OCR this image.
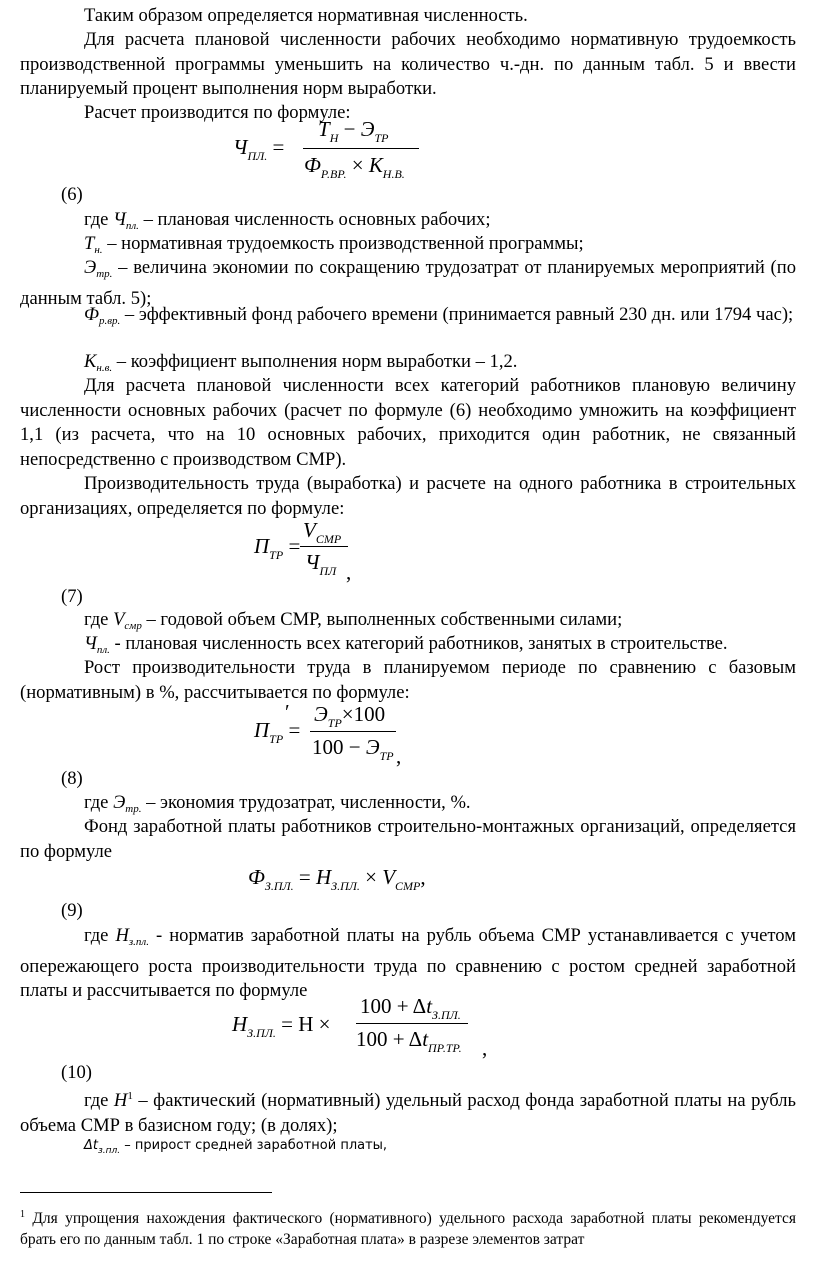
Таким образом определяется нормативная численность.

Для расчета плановой численности рабочих необходимо нормативную трудоемкость производственной программы уменьшить на количество ч.-дн. по данным табл. 5 и ввести планируемый процент выполнения норм выработки.

Расчет производится по формуле:
$Ч_{ПЛ.}$ =
$Т_Н - Э_{ТР}$
$Ф_{Р.ВР.} \times К_{Н.В.}$
(6)
где $Ч_{пл.}$ – плановая численность основных рабочих;
$Т_{н.}$ – нормативная трудоемкость производственной программы;

$Э_{тр.}$ – величина экономии по сокращению трудозатрат от планируемых мероприятий (по данным табл. 5);

$Ф_{р.вр.}$ – эффективный фонд рабочего времени (принимается равный 230 дн. или 1794 час);

$К_{н.в.}$ – коэффициент выполнения норм выработки – 1,2.

Для расчета плановой численности всех категорий работников плановую величину численности основных рабочих (расчет по формуле (6) необходимо умножить на коэффициент 1,1 (из расчета, что на 10 основных рабочих, приходится один работник, не связанный непосредственно с производством СМР).

Производительность труда (выработка) и расчете на одного работника в строительных организациях, определяется по формуле:

$П_{ТР}$ =
$V_{СМР}$
$Ч_{ПЛ}$ ,
(7)
где $V_{смр}$ – годовой объем СМР, выполненных собственными силами;
$Ч_{пл.}$ - плановая численность всех категорий работников, занятых в строительстве.

Рост производительности труда в планируемом периоде по сравнению с базовым (нормативным) в %, рассчитывается по формуле:

$П_{ТР}$ =
′ $Э_{ТР}\times 100$
$100 - Э_{ТР}$ ,
(8)
где $Э_{тр.}$ – экономия трудозатрат, численности, %.

Фонд заработной платы работников строительно-монтажных организаций, определяется по формуле

$Ф_{З.ПЛ.} = Н_{З.ПЛ.} \times V_{СМР}$,
(9)

где $Н_{з.пл.}$ - норматив заработной платы на рубль объема СМР устанавливается с учетом опережающего роста производительности труда по сравнению с ростом средней заработной платы и рассчитывается по формуле

$Н_{З.ПЛ.} = Н$ ×
$100 + \Delta t_{З.ПЛ.}$
$100 + \Delta t_{ПР.ТР.}$ ,
(10)

где $Н^1$ – фактический (нормативный) удельный расход фонда заработной платы на рубль объема СМР в базисном году; (в долях);

$\Delta t_{з.пл.}$ – прирост средней заработной платы,
$^1$ Для упрощения нахождения фактического (нормативного) удельного расхода заработной платы рекомендуется брать его по данным табл. 1 по строке «Заработная плата» в разрезе элементов затрат
